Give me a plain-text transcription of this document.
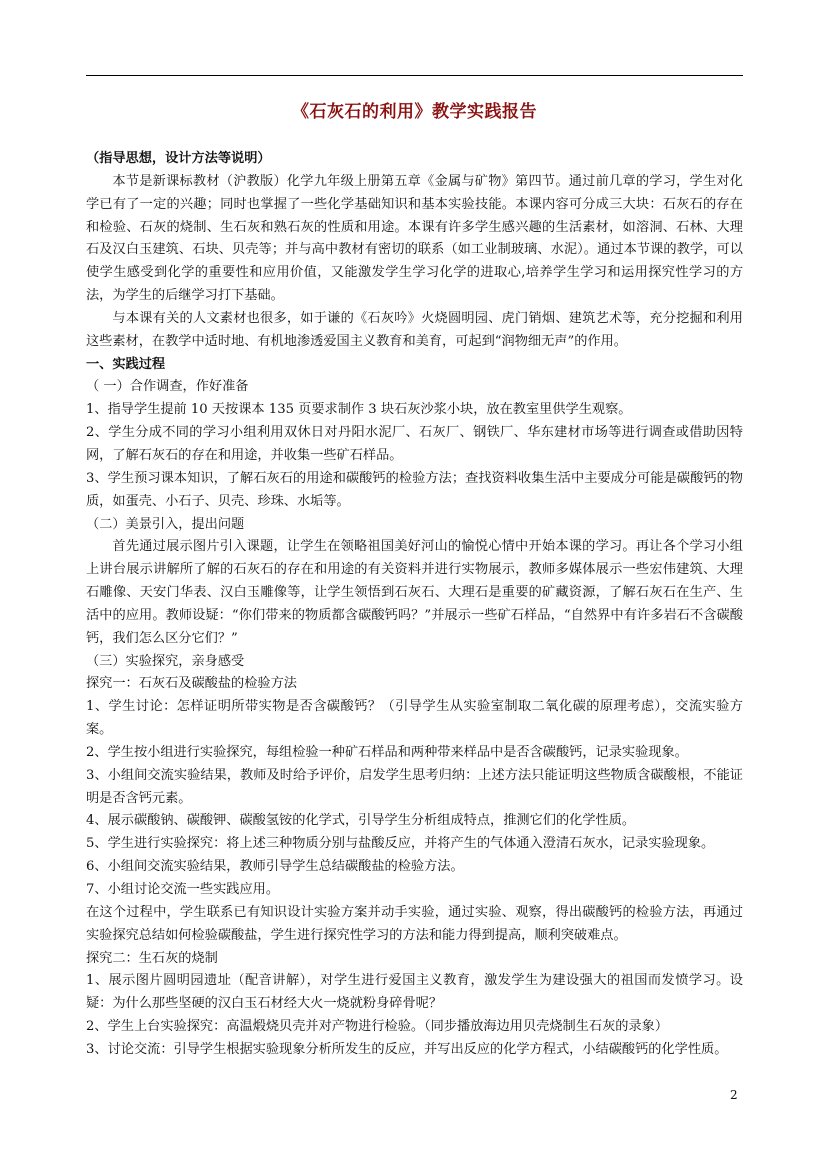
《石灰石的利用》教学实践报告

（指导思想，设计方法等说明）

本节是新课标教材（沪教版）化学九年级上册第五章《金属与矿物》第四节。通过前几章的学习，学生对化学已有了一定的兴趣；同时也掌握了一些化学基础知识和基本实验技能。本课内容可分成三大块：石灰石的存在和检验、石灰的烧制、生石灰和熟石灰的性质和用途。本课有许多学生感兴趣的生活素材，如溶洞、石林、大理石及汉白玉建筑、石块、贝壳等；并与高中教材有密切的联系（如工业制玻璃、水泥）。通过本节课的教学，可以使学生感受到化学的重要性和应用价值，又能激发学生学习化学的进取心,培养学生学习和运用探究性学习的方法，为学生的后继学习打下基础。

与本课有关的人文素材也很多，如于谦的《石灰吟》火烧圆明园、虎门销烟、建筑艺术等，充分挖掘和利用这些素材，在教学中适时地、有机地渗透爱国主义教育和美育，可起到“润物细无声”的作用。

一、实践过程

（ 一）合作调查，作好准备

1、指导学生提前 10 天按课本 135 页要求制作 3 块石灰沙浆小块，放在教室里供学生观察。

2、学生分成不同的学习小组利用双休日对丹阳水泥厂、石灰厂、钢铁厂、华东建材市场等进行调查或借助因特网，了解石灰石的存在和用途，并收集一些矿石样品。

3、学生预习课本知识，了解石灰石的用途和碳酸钙的检验方法；查找资料收集生活中主要成分可能是碳酸钙的物质，如蛋壳、小石子、贝壳、珍珠、水垢等。

（二）美景引入，提出问题

首先通过展示图片引入课题，让学生在领略祖国美好河山的愉悦心情中开始本课的学习。再让各个学习小组上讲台展示讲解所了解的石灰石的存在和用途的有关资料并进行实物展示，教师多媒体展示一些宏伟建筑、大理石雕像、天安门华表、汉白玉雕像等，让学生领悟到石灰石、大理石是重要的矿藏资源，了解石灰石在生产、生活中的应用。教师设疑：“你们带来的物质都含碳酸钙吗？”并展示一些矿石样品，“自然界中有许多岩石不含碳酸钙，我们怎么区分它们？”

（三）实验探究，亲身感受

探究一：石灰石及碳酸盐的检验方法

1、学生讨论：怎样证明所带实物是否含碳酸钙？（引导学生从实验室制取二氧化碳的原理考虑），交流实验方案。

2、学生按小组进行实验探究，每组检验一种矿石样品和两种带来样品中是否含碳酸钙，记录实验现象。

3、小组间交流实验结果，教师及时给予评价，启发学生思考归纳：上述方法只能证明这些物质含碳酸根，不能证明是否含钙元素。

4、展示碳酸钠、碳酸钾、碳酸氢铵的化学式，引导学生分析组成特点，推测它们的化学性质。

5、学生进行实验探究：将上述三种物质分别与盐酸反应，并将产生的气体通入澄清石灰水，记录实验现象。

6、小组间交流实验结果，教师引导学生总结碳酸盐的检验方法。

7、小组讨论交流一些实践应用。

在这个过程中，学生联系已有知识设计实验方案并动手实验，通过实验、观察，得出碳酸钙的检验方法，再通过实验探究总结如何检验碳酸盐，学生进行探究性学习的方法和能力得到提高，顺利突破难点。

探究二：生石灰的烧制

1、展示图片圆明园遗址（配音讲解），对学生进行爱国主义教育，激发学生为建设强大的祖国而发愤学习。设疑：为什么那些坚硬的汉白玉石材经大火一烧就粉身碎骨呢？

2、学生上台实验探究：高温煅烧贝壳并对产物进行检验。（同步播放海边用贝壳烧制生石灰的录象）

3、讨论交流：引导学生根据实验现象分析所发生的反应，并写出反应的化学方程式，小结碳酸钙的化学性质。

2
